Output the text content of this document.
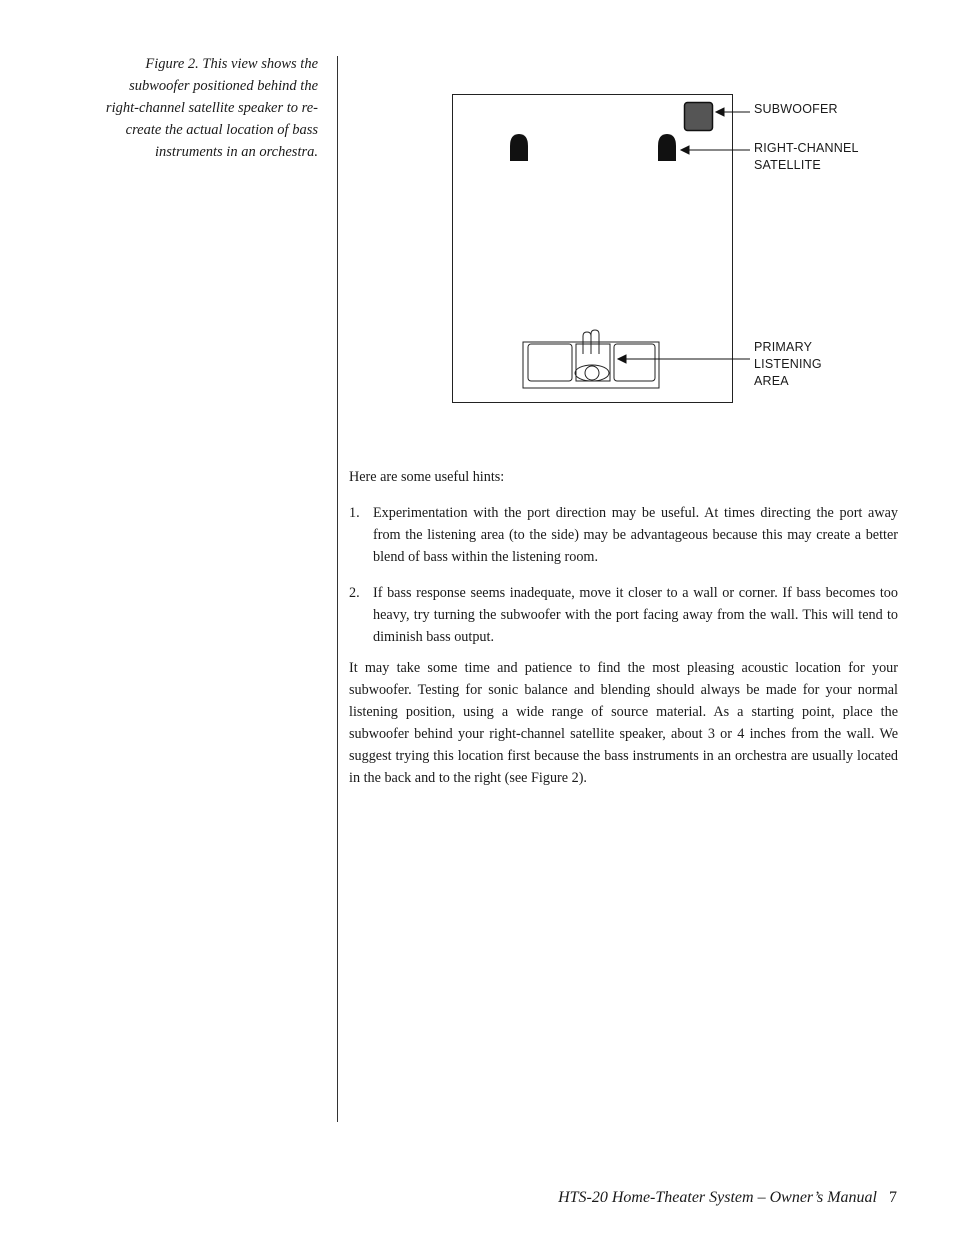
Figure 2. This view shows the subwoofer positioned behind the right-channel satellite speaker to re-create the actual location of bass instruments in an orchestra.
SUBWOOFER
RIGHT-CHANNEL
SATELLITE
PRIMARY
LISTENING
AREA

Here are some useful hints:

1. Experimentation with the port direction may be useful. At times directing the port away from the listening area (to the side) may be advantageous because this may create a better blend of bass within the listening room.
2. If bass response seems inadequate, move it closer to a wall or corner. If bass becomes too heavy, try turning the subwoofer with the port facing away from the wall. This will tend to diminish bass output.

It may take some time and patience to find the most pleasing acoustic location for your subwoofer. Testing for sonic balance and blending should always be made for your normal listening position, using a wide range of source material. As a starting point, place the subwoofer behind your right-channel satellite speaker, about 3 or 4 inches from the wall. We suggest trying this location first because the bass instruments in an orchestra are usually located in the back and to the right (see Figure 2).

HTS-20 Home-Theater System – Owner’s Manual 7
